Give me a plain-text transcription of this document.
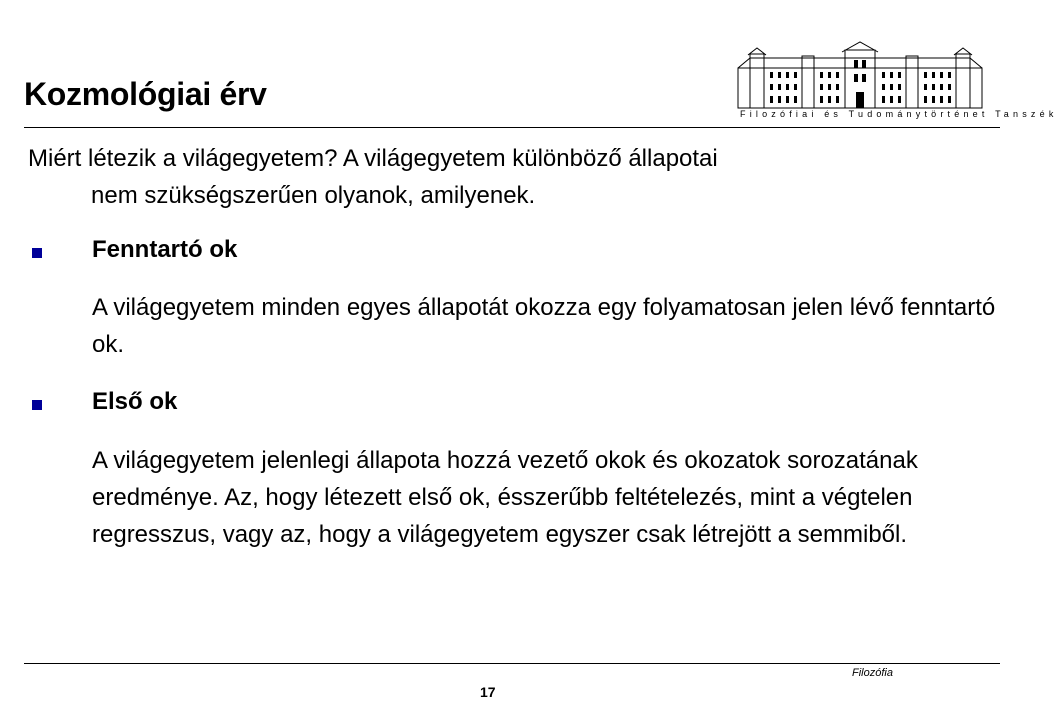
Kozmológiai érv
Filozófiai és Tudománytörténet Tanszék
Miért létezik a világegyetem? A világegyetem különböző állapotai
nem szükségszerűen olyanok, amilyenek.
Fenntartó ok
A világegyetem minden egyes állapotát okozza egy folyamatosan jelen lévő fenntartó ok.
Első ok
A világegyetem jelenlegi állapota hozzá vezető okok és okozatok sorozatának eredménye. Az, hogy létezett első ok, ésszerűbb feltételezés, mint a végtelen regresszus, vagy az, hogy a világegyetem egyszer csak létrejött a semmiből.
Filozófia
17
